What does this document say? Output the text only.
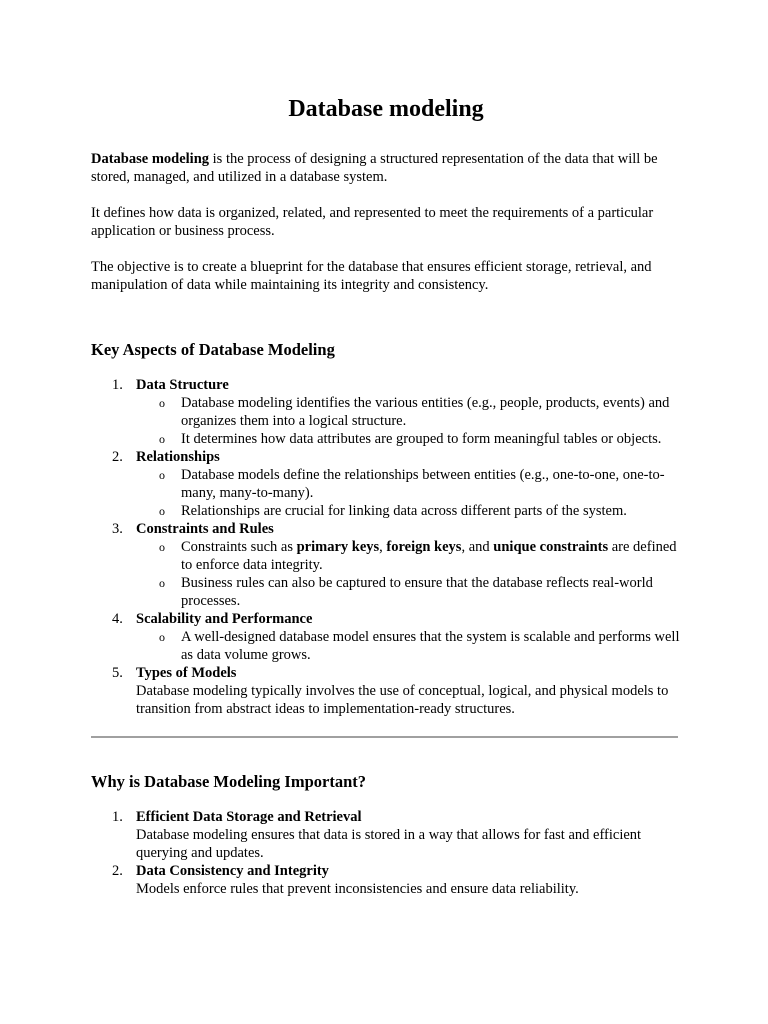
Database modeling

Database modeling is the process of designing a structured representation of the data that will be stored, managed, and utilized in a database system.

It defines how data is organized, related, and represented to meet the requirements of a particular application or business process.

The objective is to create a blueprint for the database that ensures efficient storage, retrieval, and manipulation of data while maintaining its integrity and consistency.

Key Aspects of Database Modeling
1. Data Structure
o Database modeling identifies the various entities (e.g., people, products, events) and organizes them into a logical structure.
o It determines how data attributes are grouped to form meaningful tables or objects.
2. Relationships
o Database models define the relationships between entities (e.g., one-to-one, one-to-many, many-to-many).
o Relationships are crucial for linking data across different parts of the system.
3. Constraints and Rules
o Constraints such as primary keys, foreign keys, and unique constraints are defined to enforce data integrity.
o Business rules can also be captured to ensure that the database reflects real-world processes.
4. Scalability and Performance
o A well-designed database model ensures that the system is scalable and performs well as data volume grows.
5. Types of Models
Database modeling typically involves the use of conceptual, logical, and physical models to transition from abstract ideas to implementation-ready structures.
Why is Database Modeling Important?
1. Efficient Data Storage and Retrieval
Database modeling ensures that data is stored in a way that allows for fast and efficient querying and updates.
2. Data Consistency and Integrity
Models enforce rules that prevent inconsistencies and ensure data reliability.
